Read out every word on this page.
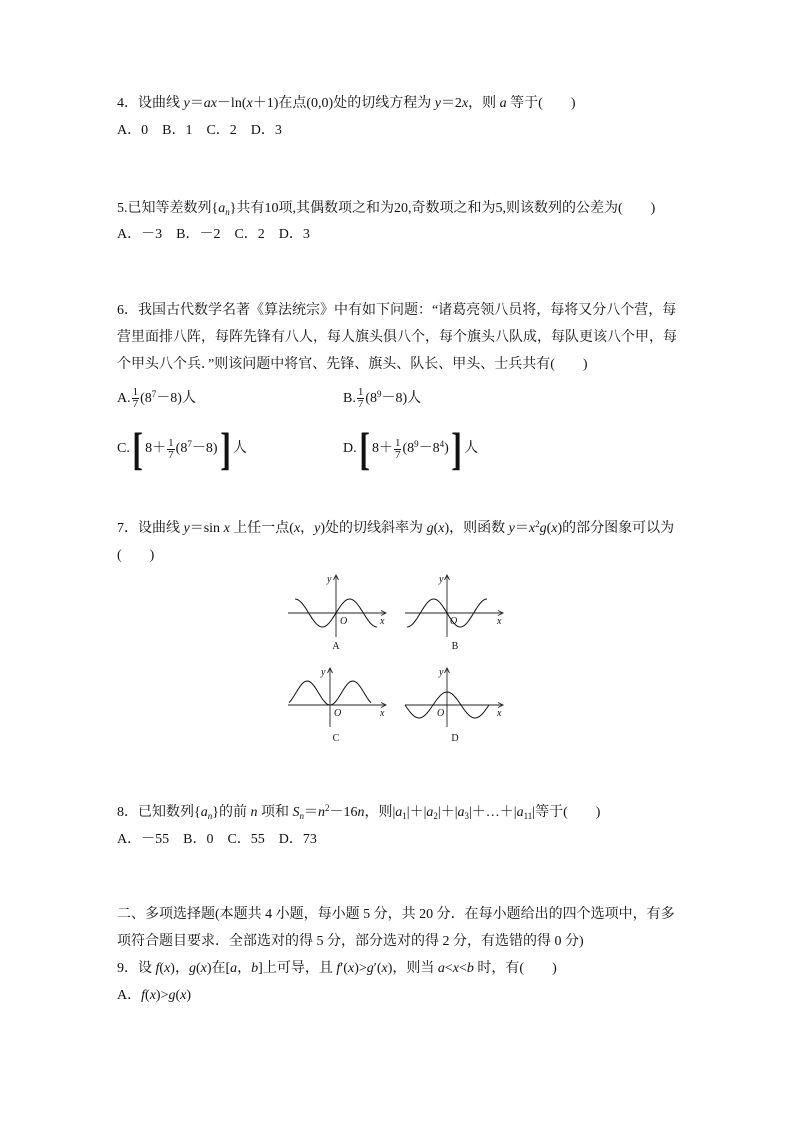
4．设曲线 y＝ax－ln(x＋1)在点(0,0)处的切线方程为 y＝2x，则 a 等于(　　)
A．0　B．1　C．2　D．3
5.已知等差数列$\{a_n\}$共有10项,其偶数项之和为20,奇数项之和为5,则该数列的公差为(　　)
A．－3　B．－2　C．2　D．3
6．我国古代数学名著《算法统宗》中有如下问题：“诸葛亮领八员将，每将又分八个营，每
营里面排八阵，每阵先锋有八人，每人旗头俱八个，每个旗头八队成，每队更该八个甲，每
个甲头八个兵．”则该问题中将官、先锋、旗头、队长、甲头、士兵共有(　　)
A. $\frac{1}{7} (8^7-8)$人	B. $\frac{1}{7} (8^9-8)$人
C.[ $8+ \frac{1}{7} (8^7-8)$] 人	D.[ $8+ \frac{1}{7} (8^9-8^4)$] 人
7．设曲线 y＝sin x 上任一点(x，y)处的切线斜率为 g(x)，则函数 $y=x^2g(x)$的部分图象可以为
(　　)
y
x
O
A
y
x
O
B
y
x
O
C
y
x
O
D
8．已知数列$\{a_n\}$的前 n 项和 $S_n=n^2-16n$，则$|a_1|+|a_2|+|a_3|+\dots+|a_{11}|$等于(　　)
A．－55　B．0　C．55　D．73
二、多项选择题(本题共 4 小题，每小题 5 分，共 20 分．在每小题给出的四个选项中，有多
项符合题目要求．全部选对的得 5 分，部分选对的得 2 分，有选错的得 0 分)
9．设 f(x)，g(x)在[a，b]上可导，且 f′(x)>g′(x)，则当 a<x<b 时，有(　　)
A．f(x)>g(x)
